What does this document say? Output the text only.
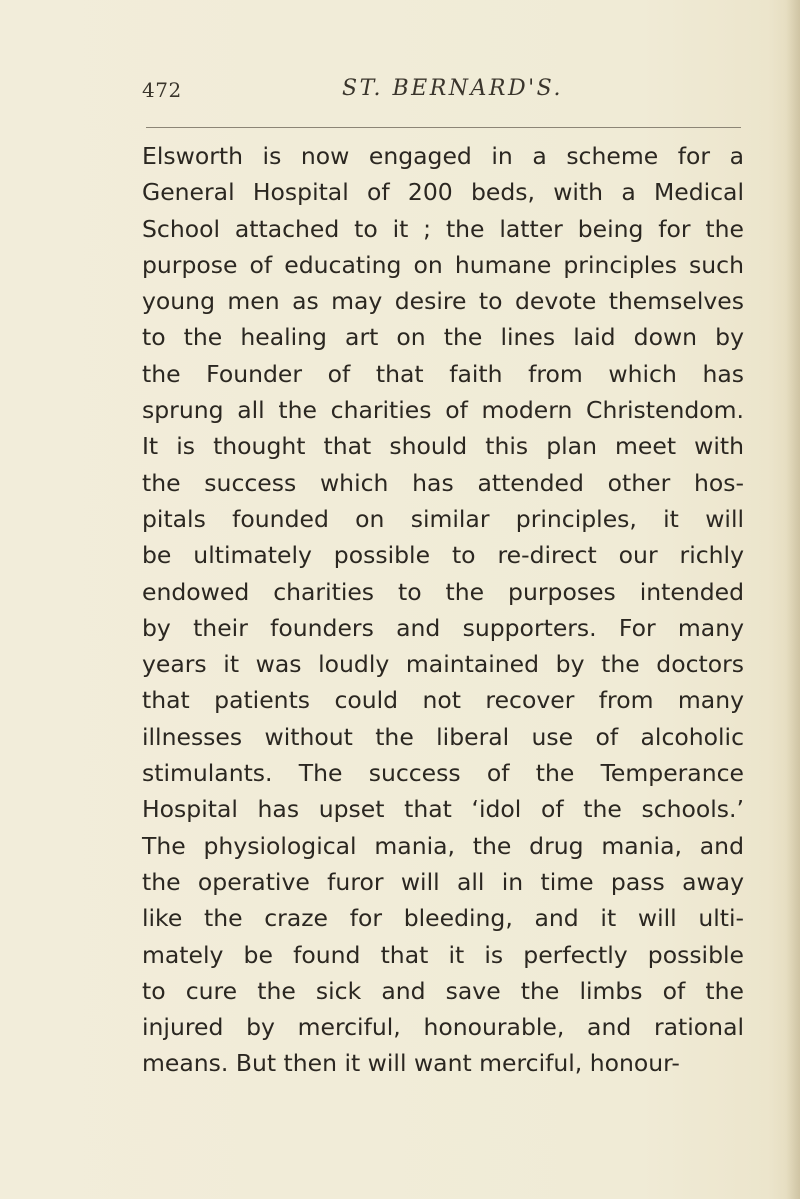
472	ST. BERNARD'S.
Elsworth is now engaged in a scheme for a
General Hospital of 200 beds, with a Medical
School attached to it ; the latter being for the
purpose of educating on humane principles such
young men as may desire to devote themselves
to the healing art on the lines laid down by
the Founder of that faith from which has
sprung all the charities of modern Christendom.
It is thought that should this plan meet with
the success which has attended other hos-
pitals founded on similar principles, it will
be ultimately possible to re-direct our richly
endowed charities to the purposes intended
by their founders and supporters. For many
years it was loudly maintained by the doctors
that patients could not recover from many
illnesses without the liberal use of alcoholic
stimulants. The success of the Temperance
Hospital has upset that ‘idol of the schools.’
The physiological mania, the drug mania, and
the operative furor will all in time pass away
like the craze for bleeding, and it will ulti-
mately be found that it is perfectly possible
to cure the sick and save the limbs of the
injured by merciful, honourable, and rational
means. But then it will want merciful, honour-
